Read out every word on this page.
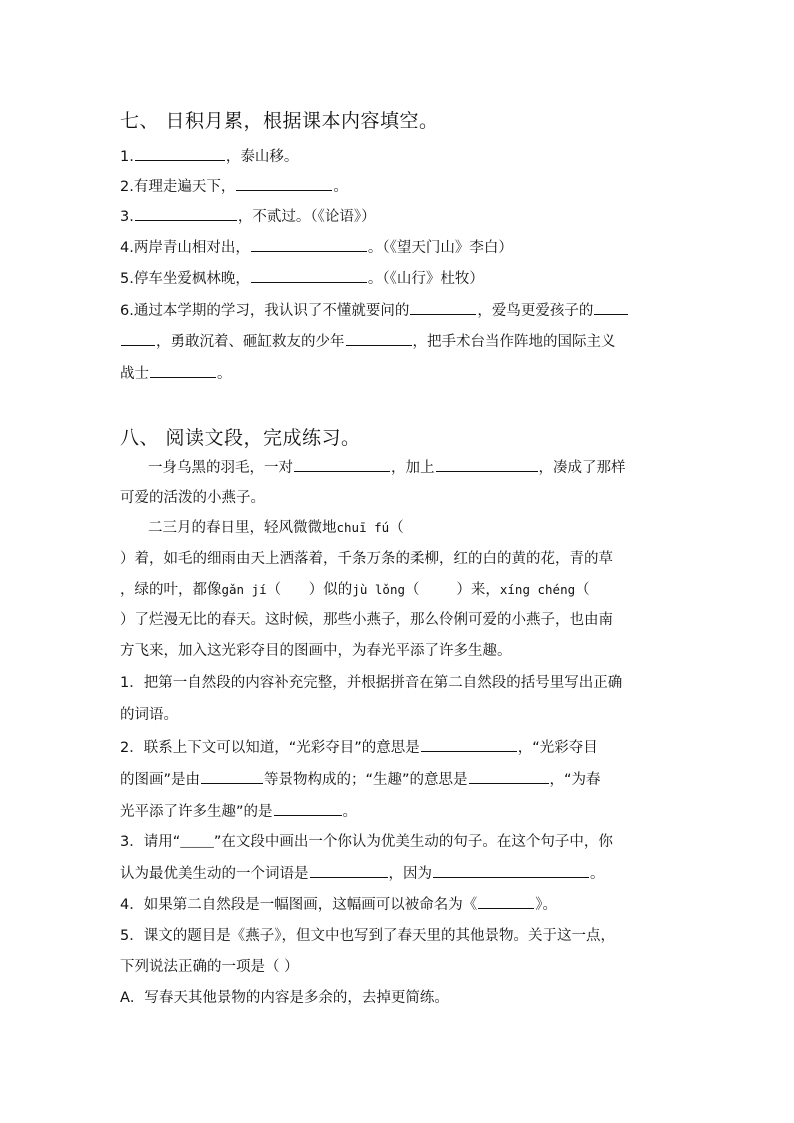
七、 日积月累，根据课本内容填空。
1.	，泰山移。
2.有理走遍天下，	。
3.	，不贰过。（《论语》）
4.两岸青山相对出，	。（《望天门山》李白）
5.停车坐爱枫林晚，	。（《山行》杜牧）
6.通过本学期的学习，我认识了不懂就要问的	，爱鸟更爱孩子的
，勇敢沉着、砸缸救友的少年	，把手术台当作阵地的国际主义
战士	。
八、 阅读文段，完成练习。
一身乌黑的羽毛，一对	，加上	，凑成了那样
可爱的活泼的小燕子。
二三月的春日里，轻风微微地chuī fú（
）着，如毛的细雨由天上洒落着，千条万条的柔柳，红的白的黄的花，青的草
，绿的叶，都像gǎn jí（      ）似的jù lǒng（        ）来，xíng chéng（
）了烂漫无比的春天。这时候，那些小燕子，那么伶俐可爱的小燕子，也由南
方飞来，加入这光彩夺目的图画中，为春光平添了许多生趣。
1．把第一自然段的内容补充完整，并根据拼音在第二自然段的括号里写出正确
的词语。
2．联系上下文可以知道，“光彩夺目”的意思是	，“光彩夺目
的图画”是由	等景物构成的；“生趣”的意思是	，“为春
光平添了许多生趣”的是	。
3．请用“____”在文段中画出一个你认为优美生动的句子。在这个句子中，你
认为最优美生动的一个词语是	，因为	。
4．如果第二自然段是一幅图画，这幅画可以被命名为《	》。
5．课文的题目是《燕子》，但文中也写到了春天里的其他景物。关于这一点，
下列说法正确的一项是（ ）
A．写春天其他景物的内容是多余的，去掉更简练。
